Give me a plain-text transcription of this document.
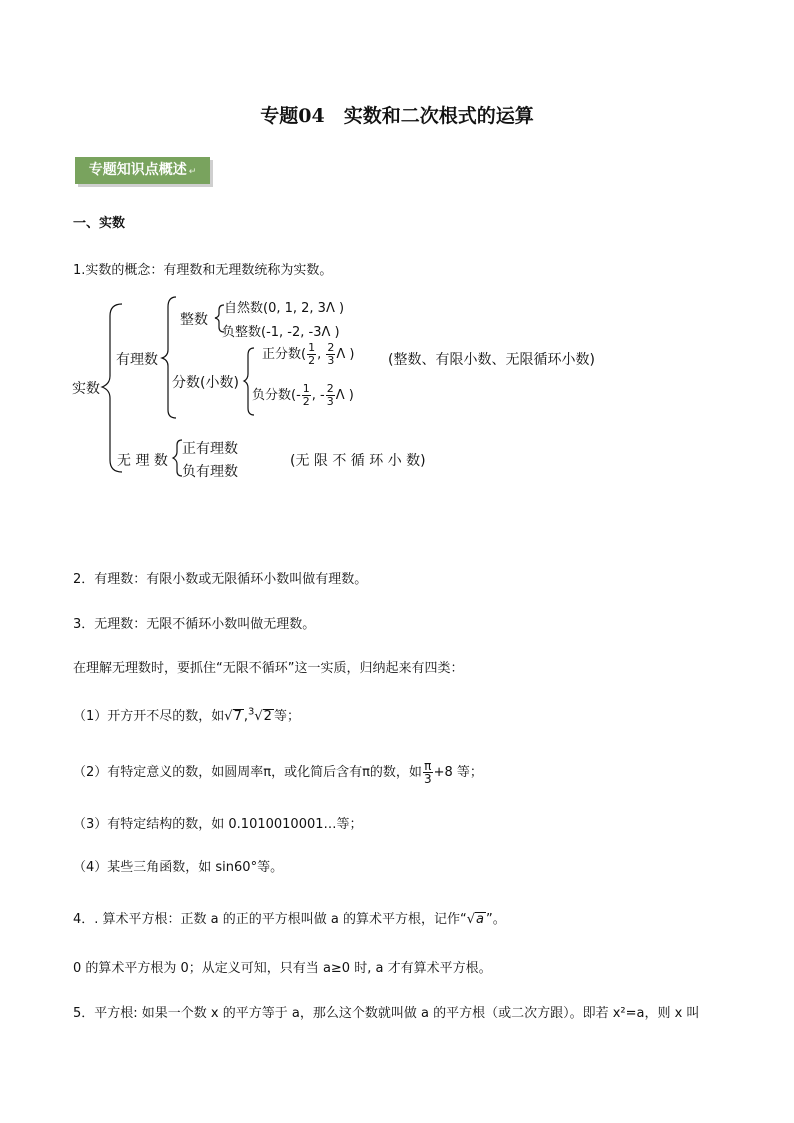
专题04　实数和二次根式的运算
专题知识点概述 ↵
一、实数
1.实数的概念：有理数和无理数统称为实数。
实数
有理数
整数
自然数(0, 1, 2, 3Λ )
负整数(-1, -2, -3Λ )
分数(小数)
正分数( $\frac{1}{2}$ , $\frac{2}{3}$ Λ ) (整数、有限小数、无限循环小数)
负分数(- $\frac{1}{2}$ , - $\frac{2}{3}$ Λ )
无 理 数
正有理数
负有理数
(无 限 不 循 环 小 数)
2．有理数：有限小数或无限循环小数叫做有理数。
3．无理数：无限不循环小数叫做无理数。
在理解无理数时，要抓住“无限不循环”这一实质，归纳起来有四类：
（1）开方开不尽的数，如√7 ,$^3$√2 等；
（2）有特定意义的数，如圆周率π，或化简后含有π的数，如 $\frac{\pi}{3} +8$ 等；
（3）有特定结构的数，如 0.1010010001…等；
（4）某些三角函数，如 sin60°等。
4．. 算术平方根：正数 a 的正的平方根叫做 a 的算术平方根，记作“√a ”。
0 的算术平方根为 0；从定义可知，只有当 a≥0 时, a 才有算术平方根。
5．平方根: 如果一个数 x 的平方等于 a，那么这个数就叫做 a 的平方根（或二次方跟）。即若 x²=a，则 x 叫
